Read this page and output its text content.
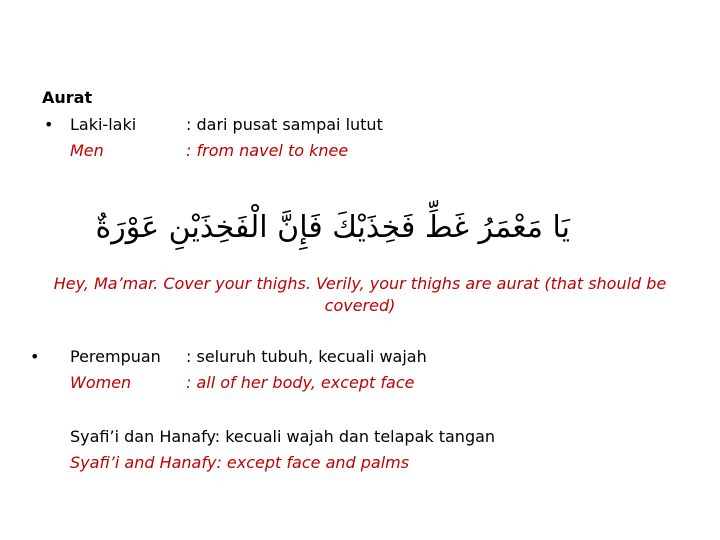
Aurat
• Laki-laki
Men
: dari pusat sampai lutut
: from navel to knee
يَا مَعْمَرُ غَطِّ فَخِذَيْكَ فَإِنَّ الْفَخِذَيْنِ عَوْرَةٌ
Hey, Ma’mar. Cover your thighs. Verily, your thighs are aurat (that should be
covered)
• Perempuan
Women
: seluruh tubuh, kecuali wajah
: all of her body, except face
Syafi’i dan Hanafy: kecuali wajah dan telapak tangan
Syafi’i and Hanafy: except face and palms
